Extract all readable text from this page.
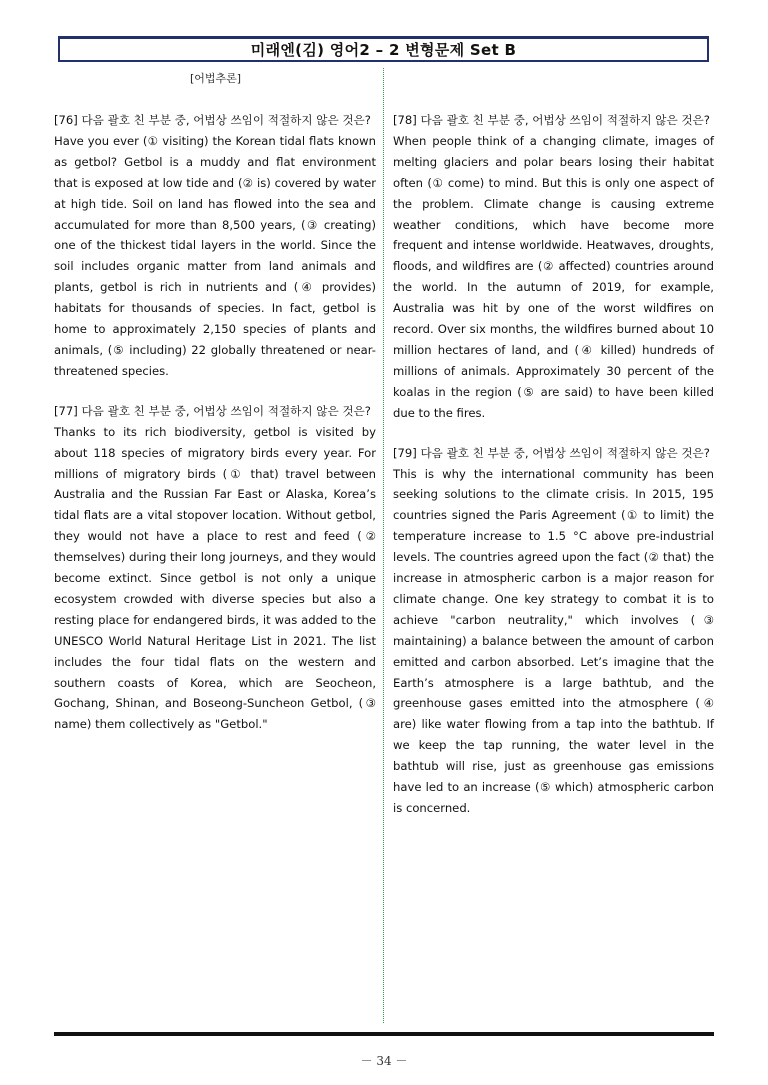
미래엔(김) 영어2 – 2 변형문제 Set B
[어법추론]
[76] 다음 괄호 친 부분 중, 어법상 쓰임이 적절하지 않은 것은?
Have you ever (① visiting) the Korean tidal flats known as getbol? Getbol is a muddy and flat environment that is exposed at low tide and (② is) covered by water at high tide. Soil on land has flowed into the sea and accumulated for more than 8,500 years, (③ creating) one of the thickest tidal layers in the world. Since the soil includes organic matter from land animals and plants, getbol is rich in nutrients and (④ provides) habitats for thousands of species. In fact, getbol is home to approximately 2,150 species of plants and animals, (⑤ including) 22 globally threatened or near-threatened species.
[77] 다음 괄호 친 부분 중, 어법상 쓰임이 적절하지 않은 것은?
Thanks to its rich biodiversity, getbol is visited by about 118 species of migratory birds every year. For millions of migratory birds (① that) travel between Australia and the Russian Far East or Alaska, Korea’s tidal flats are a vital stopover location. Without getbol, they would not have a place to rest and feed (② themselves) during their long journeys, and they would become extinct. Since getbol is not only a unique ecosystem crowded with diverse species but also a resting place for endangered birds, it was added to the UNESCO World Natural Heritage List in 2021. The list includes the four tidal flats on the western and southern coasts of Korea, which are Seocheon, Gochang, Shinan, and Boseong-Suncheon Getbol, (③ name) them collectively as "Getbol."
[78] 다음 괄호 친 부분 중, 어법상 쓰임이 적절하지 않은 것은?
When people think of a changing climate, images of melting glaciers and polar bears losing their habitat often (① come) to mind. But this is only one aspect of the problem. Climate change is causing extreme weather conditions, which have become more frequent and intense worldwide. Heatwaves, droughts, floods, and wildfires are (② affected) countries around the world. In the autumn of 2019, for example, Australia was hit by one of the worst wildfires on record. Over six months, the wildfires burned about 10 million hectares of land, and (④ killed) hundreds of millions of animals. Approximately 30 percent of the koalas in the region (⑤ are said) to have been killed due to the fires.
[79] 다음 괄호 친 부분 중, 어법상 쓰임이 적절하지 않은 것은?
This is why the international community has been seeking solutions to the climate crisis. In 2015, 195 countries signed the Paris Agreement (① to limit) the temperature increase to 1.5 °C above pre-industrial levels. The countries agreed upon the fact (② that) the increase in atmospheric carbon is a major reason for climate change. One key strategy to combat it is to achieve "carbon neutrality," which involves (③ maintaining) a balance between the amount of carbon emitted and carbon absorbed. Let’s imagine that the Earth’s atmosphere is a large bathtub, and the greenhouse gases emitted into the atmosphere (④ are) like water flowing from a tap into the bathtub. If we keep the tap running, the water level in the bathtub will rise, just as greenhouse gas emissions have led to an increase (⑤ which) atmospheric carbon is concerned.
－ 34 －
